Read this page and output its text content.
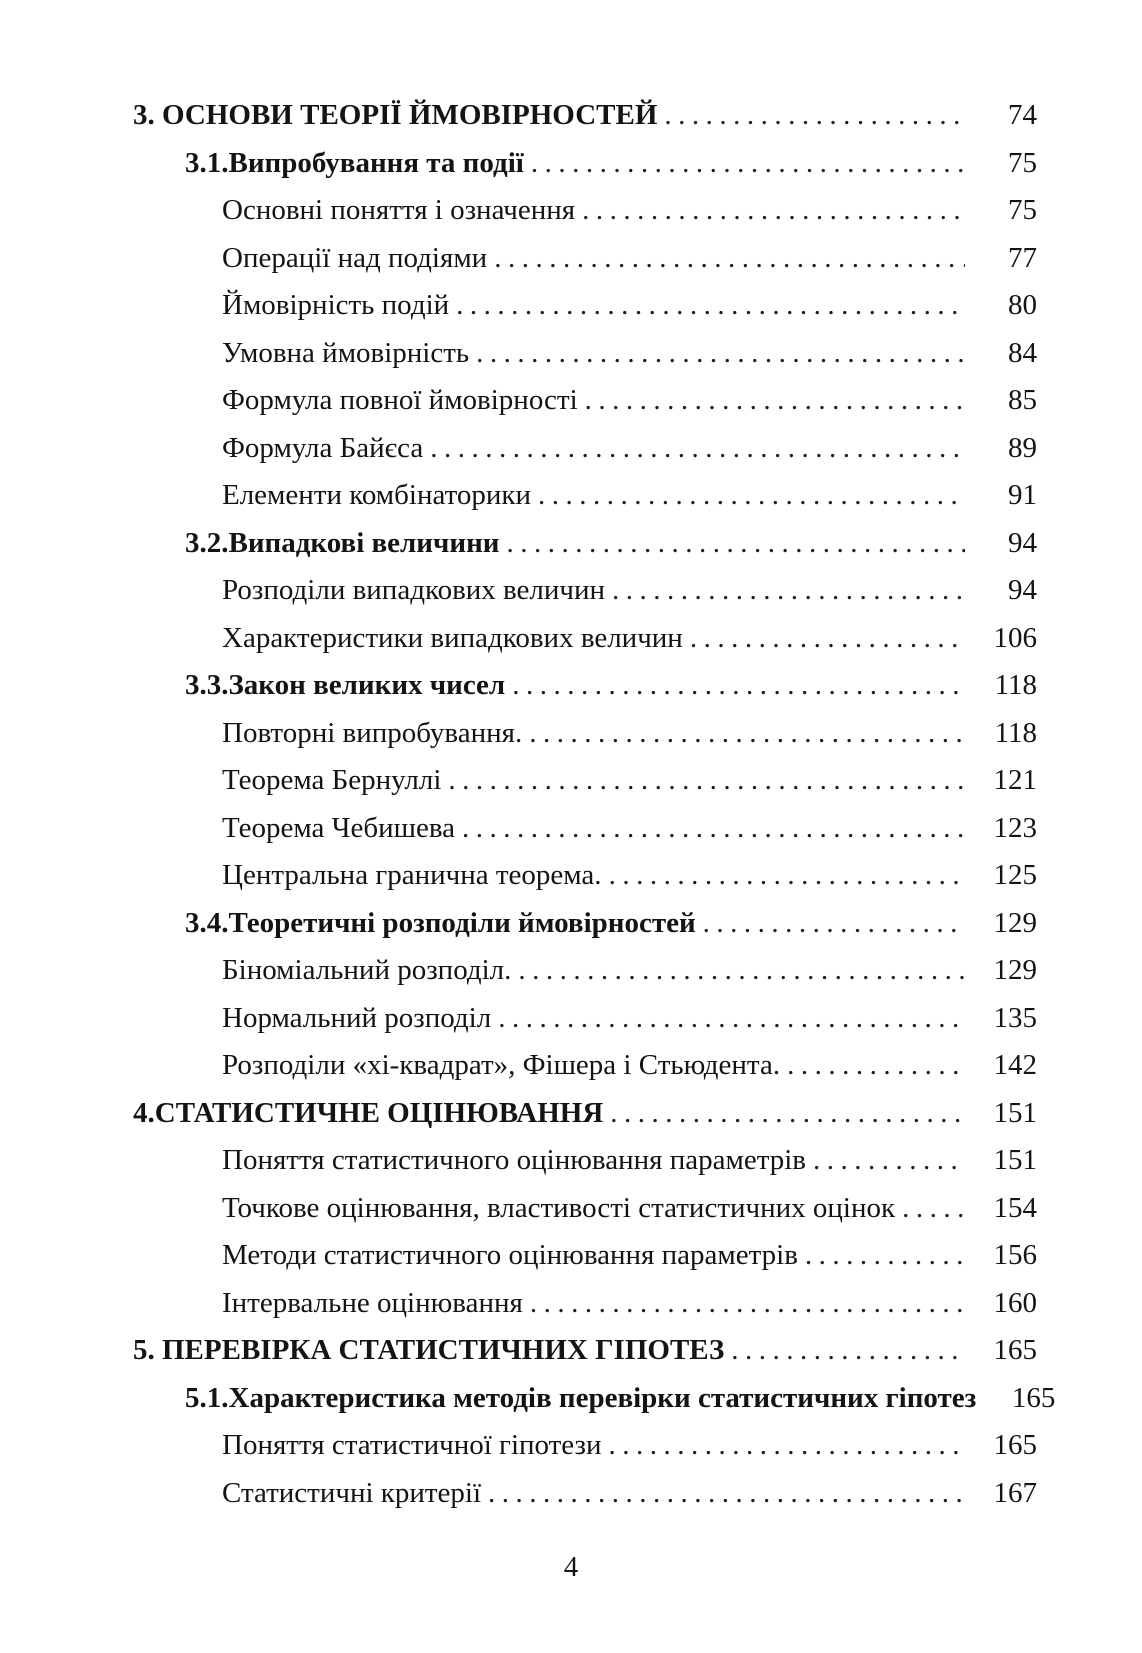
3. ОСНОВИ ТЕОРІЇ ЙМОВІРНОСТЕЙ .....	74
3.1.Випробування та події .....	75
Основні поняття і означення .....	75
Операції над подіями .....	77
Ймовірність подій .....	80
Умовна ймовірність .....	84
Формула повної ймовірності .....	85
Формула Байєса .....	89
Елементи комбінаторики .....	91
3.2.Випадкові величини .....	94
Розподіли випадкових величин .....	94
Характеристики випадкових величин .....	106
3.3.Закон великих чисел .....	118
Повторні випробування. .....	118
Теорема Бернуллі .....	121
Теорема Чебишева .....	123
Центральна гранична теорема. .....	125
3.4.Теоретичні розподіли ймовірностей .....	129
Біноміальний розподіл. .....	129
Нормальний розподіл .....	135
Розподіли «хі-квадрат», Фішера і Стьюдента. .....	142
4.СТАТИСТИЧНЕ ОЦІНЮВАННЯ .....	151
Поняття статистичного оцінювання параметрів .....	151
Точкове оцінювання, властивості статистичних оцінок .....	154
Методи статистичного оцінювання параметрів .....	156
Інтервальне оцінювання .....	160
5. ПЕРЕВІРКА СТАТИСТИЧНИХ ГІПОТЕЗ .....	165
5.1.Характеристика методів перевірки статистичних гіпотез	165
Поняття статистичної гіпотези .....	165
Статистичні критерії .....	167
4
